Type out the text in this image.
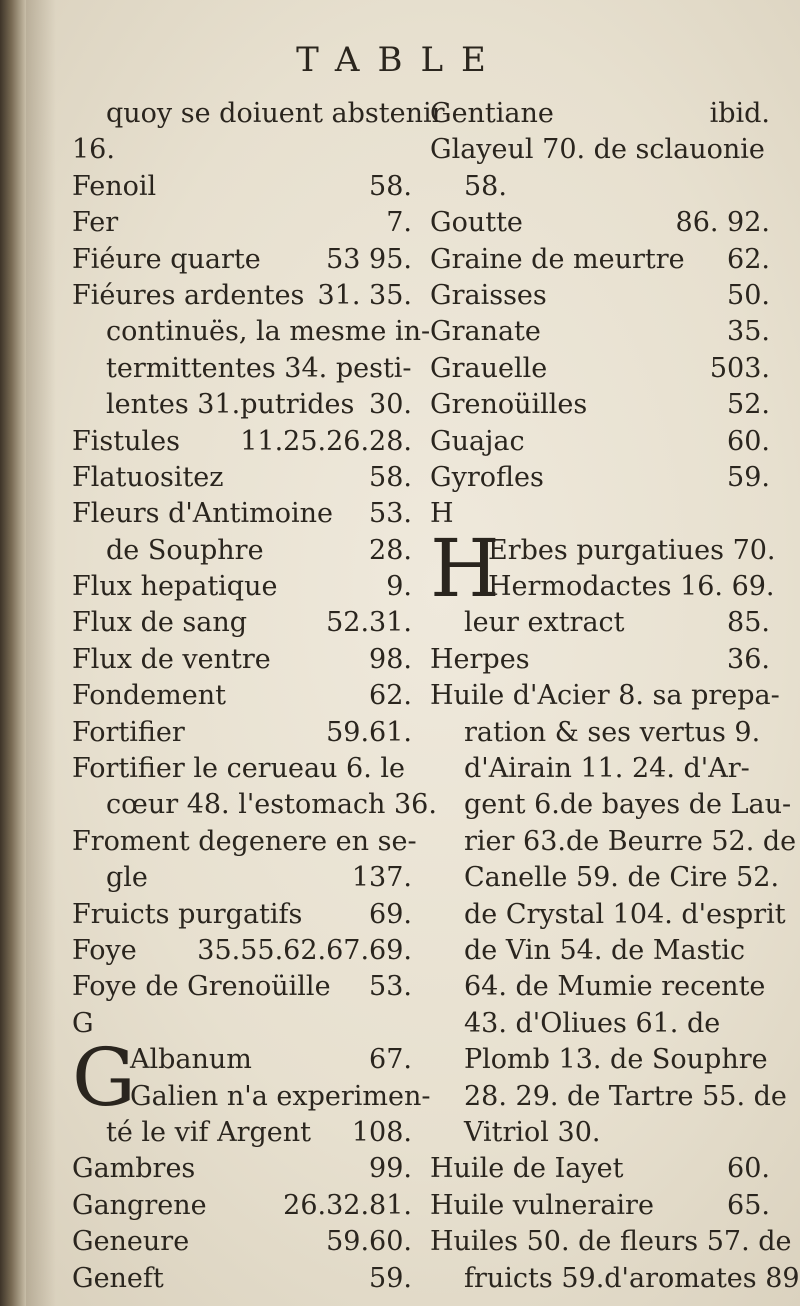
TABLE
quoy se doiuent abstenir
16.
Fenoil	58.
Fer	7.
Fiéure quarte 53 95.
Fiéures ardentes 31. 35.
continuës, la mesme in-
termittentes 34. pesti-
lentes 31.putrides 30.
Fistules 11.25.26.28.
Flatuositez	58.
Fleurs d'Antimoine 53.
de Souphre	28.
Flux hepatique	9.
Flux de sang	52.31.
Flux de ventre	98.
Fondement	62.
Fortifier	59.61.
Fortifier le cerueau 6. le
cœur 48. l'estomach 36.
Froment degenere en se-
gle	137.
Fruicts purgatifs 69.
Foye 35.55.62.67.69.
Foye de Grenoüille 53.
G
G
Albanum	67.
Galien n'a experimen-
té le vif Argent 108.
Gambres	99.
Gangrene	26.32.81.
Geneure	59.60.
Geneft	59.
Gentiane	ibid.
Glayeul 70. de sclauonie
58.
Goutte	86. 92.
Graine de meurtre 62.
Graisses	50.
Granate	35.
Grauelle	503.
Grenoüilles	52.
Guajac	60.
Gyrofles	59.
H
H
Erbes purgatiues 70.
Hermodactes 16. 69.
leur extract	85.
Herpes	36.
Huile d'Acier 8. sa prepa-
ration & ses vertus 9.
d'Airain 11. 24. d'Ar-
gent 6.de bayes de Lau-
rier 63.de Beurre 52. de
Canelle 59. de Cire 52.
de Crystal 104. d'esprit
de Vin 54. de Mastic
64. de Mumie recente
43. d'Oliues 61. de
Plomb 13. de Souphre
28. 29. de Tartre 55. de
Vitriol 30.
Huile de Iayet	60.
Huile vulneraire	65.
Huiles 50. de fleurs 57. de
fruicts 59.d'aromates 89
